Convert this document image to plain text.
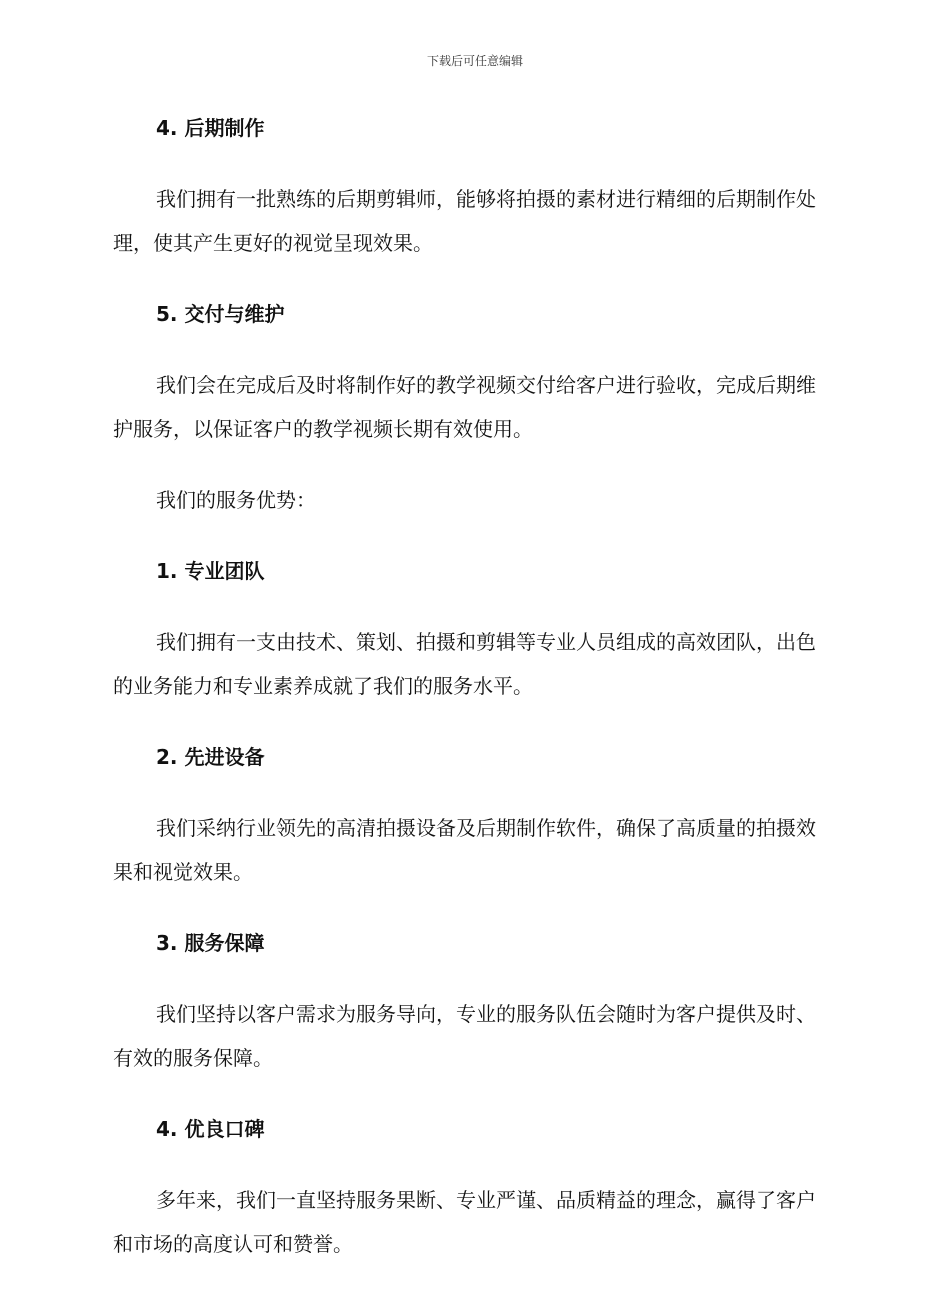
下载后可任意编辑

4. 后期制作

我们拥有一批熟练的后期剪辑师，能够将拍摄的素材进行精细的后期制作处理，使其产生更好的视觉呈现效果。

5. 交付与维护

我们会在完成后及时将制作好的教学视频交付给客户进行验收，完成后期维护服务，以保证客户的教学视频长期有效使用。

我们的服务优势：

1. 专业团队

我们拥有一支由技术、策划、拍摄和剪辑等专业人员组成的高效团队，出色的业务能力和专业素养成就了我们的服务水平。

2. 先进设备

我们采纳行业领先的高清拍摄设备及后期制作软件，确保了高质量的拍摄效果和视觉效果。

3. 服务保障

我们坚持以客户需求为服务导向，专业的服务队伍会随时为客户提供及时、有效的服务保障。

4. 优良口碑

多年来，我们一直坚持服务果断、专业严谨、品质精益的理念，赢得了客户和市场的高度认可和赞誉。
